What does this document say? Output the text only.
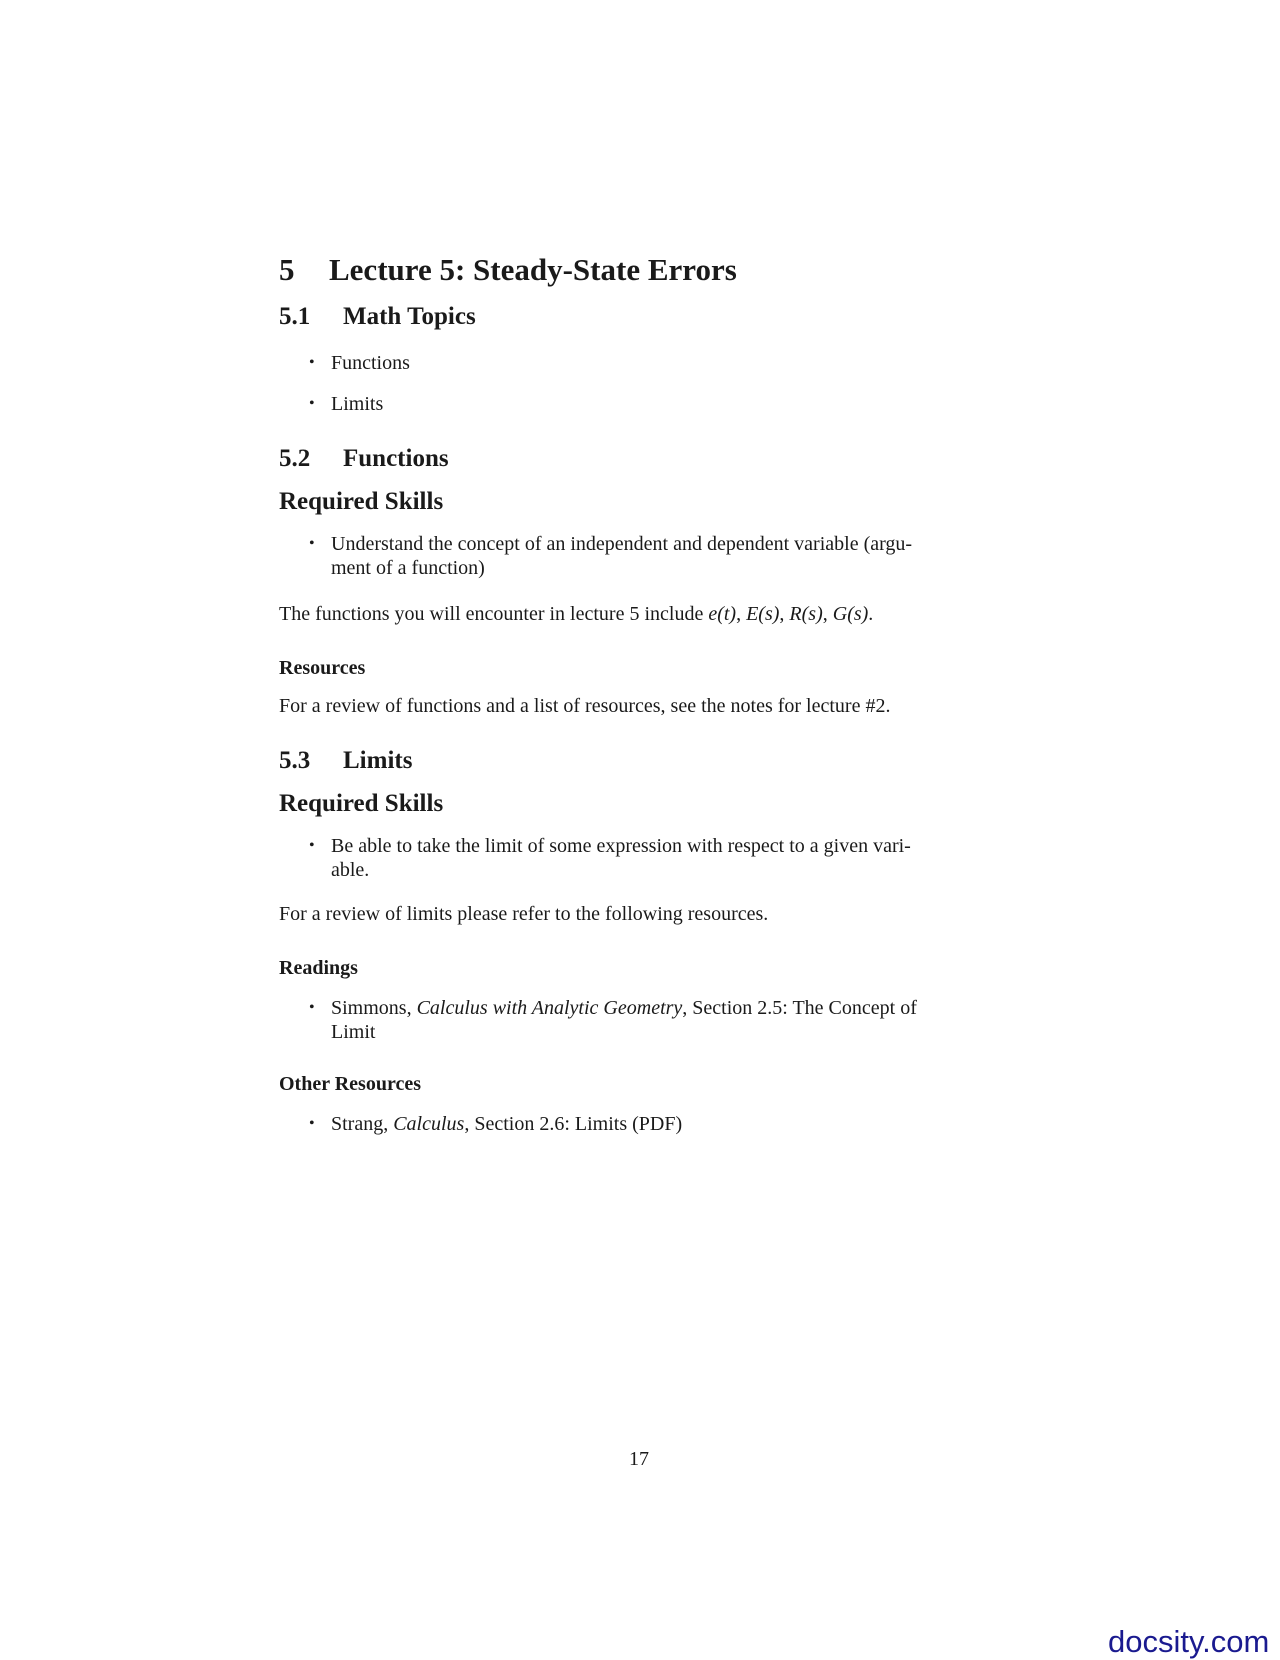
5 Lecture 5: Steady-State Errors
5.1 Math Topics
• Functions
• Limits
5.2 Functions
Required Skills
• Understand the concept of an independent and dependent variable (argu-
ment of a function)

The functions you will encounter in lecture 5 include e(t), E(s), R(s), G(s).

Resources

For a review of functions and a list of resources, see the notes for lecture #2.

5.3 Limits
Required Skills
• Be able to take the limit of some expression with respect to a given vari-
able.

For a review of limits please refer to the following resources.

Readings
• Simmons, Calculus with Analytic Geometry, Section 2.5: The Concept of
Limit
Other Resources
• Strang, Calculus, Section 2.6: Limits (PDF)
17
docsity.com
